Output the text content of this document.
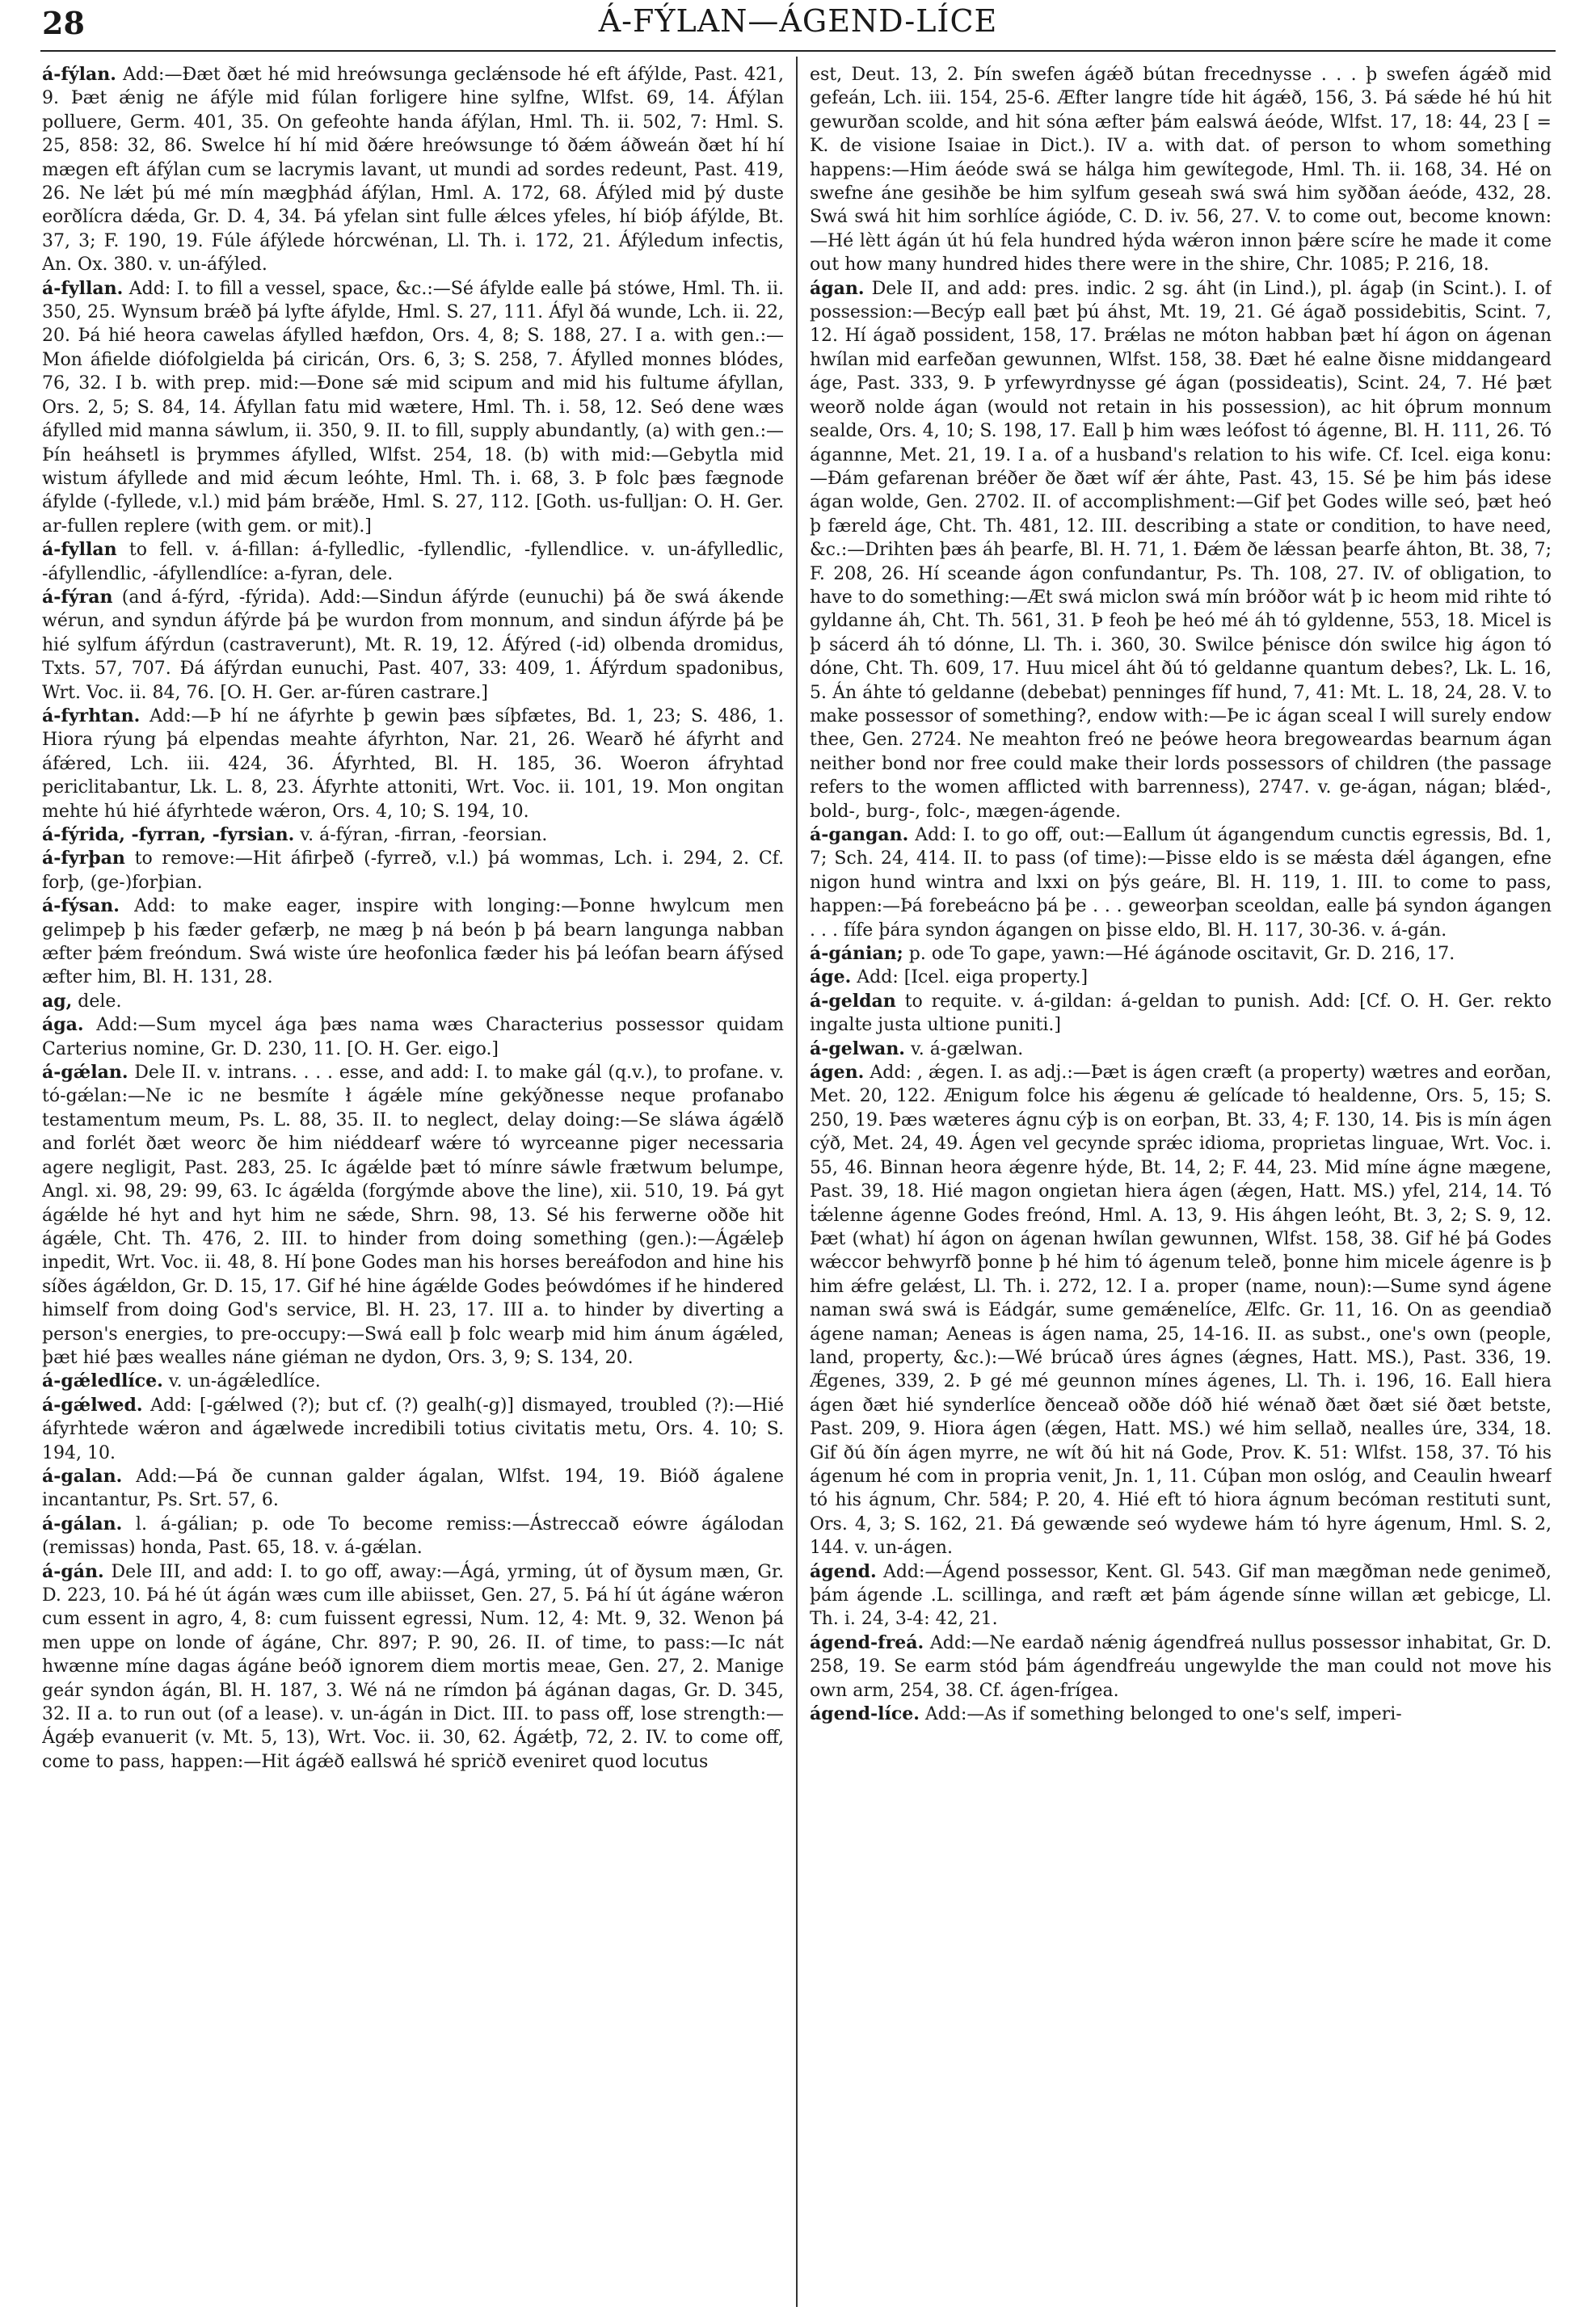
28	Á-FÝLAN—ÁGEND-LÍCE

á-fýlan. Add:—Ðæt ðæt hé mid hreówsunga geclǽnsode hé eft áfýlde, Past. 421, 9. Þæt ǽnig ne áfýle mid fúlan forligere hine sylfne, Wlfst. 69, 14. Áfýlan polluere, Germ. 401, 35. On gefeohte handa áfýlan, Hml. Th. ii. 502, 7: Hml. S. 25, 858: 32, 86. Swelce hí hí mid ðǽre hreówsunge tó ðǽm áðweán ðæt hí hí mægen eft áfýlan cum se lacrymis lavant, ut mundi ad sordes redeunt, Past. 419, 26. Ne lǽt þú mé mín mægþhád áfýlan, Hml. A. 172, 68. Áfýled mid þý duste eorðlícra dǽda, Gr. D. 4, 34. Þá yfelan sint fulle ǽlces yfeles, hí bióþ áfýlde, Bt. 37, 3; F. 190, 19. Fúle áfýlede hórcwénan, Ll. Th. i. 172, 21. Áfýledum infectis, An. Ox. 380. v. un-áfýled.

á-fyllan. Add: I. to fill a vessel, space, &c.:—Sé áfylde ealle þá stówe, Hml. Th. ii. 350, 25. Wynsum brǽð þá lyfte áfylde, Hml. S. 27, 111. Áfyl ðá wunde, Lch. ii. 22, 20. Þá hié heora cawelas áfylled hæfdon, Ors. 4, 8; S. 188, 27. I a. with gen.:—Mon áfielde diófolgielda þá ciricán, Ors. 6, 3; S. 258, 7. Áfylled monnes blódes, 76, 32. I b. with prep. mid:—Ðone sǽ mid scipum and mid his fultume áfyllan, Ors. 2, 5; S. 84, 14. Áfyllan fatu mid wætere, Hml. Th. i. 58, 12. Seó dene wæs áfylled mid manna sáwlum, ii. 350, 9. II. to fill, supply abundantly, (a) with gen.:—Þín heáhsetl is þrymmes áfylled, Wlfst. 254, 18. (b) with mid:—Gebytla mid wistum áfyllede and mid ǽcum leóhte, Hml. Th. i. 68, 3. Þ folc þæs fægnode áfylde (-fyllede, v.l.) mid þám brǽðe, Hml. S. 27, 112. [Goth. us-fulljan: O. H. Ger. ar-fullen replere (with gem. or mit).]

á-fyllan to fell. v. á-fillan: á-fylledlic, -fyllendlic, -fyllendlice. v. un-áfylledlic, -áfyllendlic, -áfyllendlíce: a-fyran, dele.

á-fýran (and á-fýrd, -fýrida). Add:—Sindun áfýrde (eunuchi) þá ðe swá ákende wérun, and syndun áfýrde þá þe wurdon from monnum, and sindun áfýrde þá þe hié sylfum áfýrdun (castraverunt), Mt. R. 19, 12. Áfýred (-id) olbenda dromidus, Txts. 57, 707. Ðá áfýrdan eunuchi, Past. 407, 33: 409, 1. Áfýrdum spadonibus, Wrt. Voc. ii. 84, 76. [O. H. Ger. ar-fúren castrare.]

á-fyrhtan. Add:—Þ hí ne áfyrhte þ gewin þæs síþfætes, Bd. 1, 23; S. 486, 1. Hiora rýung þá elpendas meahte áfyrhton, Nar. 21, 26. Wearð hé áfyrht and áfǽred, Lch. iii. 424, 36. Áfyrhted, Bl. H. 185, 36. Woeron áfryhtad periclitabantur, Lk. L. 8, 23. Áfyrhte attoniti, Wrt. Voc. ii. 101, 19. Mon ongitan mehte hú hié áfyrhtede wǽron, Ors. 4, 10; S. 194, 10.

á-fýrida, -fyrran, -fyrsian. v. á-fýran, -firran, -feorsian.

á-fyrþan to remove:—Hit áfirþeð (-fyrreð, v.l.) þá wommas, Lch. i. 294, 2. Cf. forþ, (ge-)forþian.

á-fýsan. Add: to make eager, inspire with longing:—Þonne hwylcum men gelimpeþ þ his fæder gefærþ, ne mæg þ ná beón þ þá bearn langunga nabban æfter þǽm freóndum. Swá wiste úre heofonlica fæder his þá leófan bearn áfýsed æfter him, Bl. H. 131, 28.

ag, dele.

ága. Add:—Sum mycel ága þæs nama wæs Characterius possessor quidam Carterius nomine, Gr. D. 230, 11. [O. H. Ger. eigo.]

á-gǽlan. Dele II. v. intrans. . . . esse, and add: I. to make gál (q.v.), to profane. v. tó-gǽlan:—Ne ic ne besmíte ł ágǽle míne gekýðnesse neque profanabo testamentum meum, Ps. L. 88, 35. II. to neglect, delay doing:—Se sláwa ágǽlð and forlét ðæt weorc ðe him niéddearf wǽre tó wyrceanne piger necessaria agere negligit, Past. 283, 25. Ic ágǽlde þæt tó mínre sáwle frætwum belumpe, Angl. xi. 98, 29: 99, 63. Ic ágǽlda (forgýmde above the line), xii. 510, 19. Þá gyt ágǽlde hé hyt and hyt him ne sǽde, Shrn. 98, 13. Sé his ferwerne oððe hit ágǽle, Cht. Th. 476, 2. III. to hinder from doing something (gen.):—Ágǽleþ inpedit, Wrt. Voc. ii. 48, 8. Hí þone Godes man his horses bereáfodon and hine his síðes ágǽldon, Gr. D. 15, 17. Gif hé hine ágǽlde Godes þeówdómes if he hindered himself from doing God's service, Bl. H. 23, 17. III a. to hinder by diverting a person's energies, to pre-occupy:—Swá eall þ folc wearþ mid him ánum ágǽled, þæt hié þæs wealles náne giéman ne dydon, Ors. 3, 9; S. 134, 20.

á-gǽledlíce. v. un-ágǽledlíce.

á-gǽlwed. Add: [-gǽlwed (?); but cf. (?) gealh(-g)] dismayed, troubled (?):—Hié áfyrhtede wǽron and ágælwede incredibili totius civitatis metu, Ors. 4. 10; S. 194, 10.

á-galan. Add:—Þá ðe cunnan galder ágalan, Wlfst. 194, 19. Bióð ágalene incantantur, Ps. Srt. 57, 6.

á-gálan. l. á-gálian; p. ode To become remiss:—Ástreccað eówre ágálodan (remissas) honda, Past. 65, 18. v. á-gǽlan.

á-gán. Dele III, and add: I. to go off, away:—Ágá, yrming, út of ðysum mæn, Gr. D. 223, 10. Þá hé út ágán wæs cum ille abiisset, Gen. 27, 5. Þá hí út ágáne wǽron cum essent in agro, 4, 8: cum fuissent egressi, Num. 12, 4: Mt. 9, 32. Wenon þá men uppe on londe of ágáne, Chr. 897; P. 90, 26. II. of time, to pass:—Ic nát hwænne míne dagas ágáne beóð ignorem diem mortis meae, Gen. 27, 2. Manige geár syndon ágán, Bl. H. 187, 3. Wé ná ne rímdon þá ágánan dagas, Gr. D. 345, 32. II a. to run out (of a lease). v. un-ágán in Dict. III. to pass off, lose strength:—Ágǽþ evanuerit (v. Mt. 5, 13), Wrt. Voc. ii. 30, 62. Ágǽtþ, 72, 2. IV. to come off, come to pass, happen:—Hit ágǽð eallswá hé spriċð eveniret quod locutus

est, Deut. 13, 2. Þín swefen ágǽð bútan frecednysse . . . þ swefen ágǽð mid gefeán, Lch. iii. 154, 25-6. Æfter langre tíde hit ágǽð, 156, 3. Þá sǽde hé hú hit gewurðan scolde, and hit sóna æfter þám ealswá áeóde, Wlfst. 17, 18: 44, 23 [ = K. de visione Isaiae in Dict.). IV a. with dat. of person to whom something happens:—Him áeóde swá se hálga him gewítegode, Hml. Th. ii. 168, 34. Hé on swefne áne gesihðe be him sylfum geseah swá swá him syððan áeóde, 432, 28. Swá swá hit him sorhlíce ágióde, C. D. iv. 56, 27. V. to come out, become known:—Hé lètt ágán út hú fela hundred hýda wǽron innon þǽre scíre he made it come out how many hundred hides there were in the shire, Chr. 1085; P. 216, 18.

ágan. Dele II, and add: pres. indic. 2 sg. áht (in Lind.), pl. ágaþ (in Scint.). I. of possession:—Becýp eall þæt þú áhst, Mt. 19, 21. Gé ágað possidebitis, Scint. 7, 12. Hí ágað possident, 158, 17. Þrǽlas ne móton habban þæt hí ágon on ágenan hwílan mid earfeðan gewunnen, Wlfst. 158, 38. Ðæt hé ealne ðisne middangeard áge, Past. 333, 9. Þ yrfewyrdnysse gé ágan (possideatis), Scint. 24, 7. Hé þæt weorð nolde ágan (would not retain in his possession), ac hit óþrum monnum sealde, Ors. 4, 10; S. 198, 17. Eall þ him wæs leófost tó ágenne, Bl. H. 111, 26. Tó ágannne, Met. 21, 19. I a. of a husband's relation to his wife. Cf. Icel. eiga konu:—Ðám gefarenan bréðer ðe ðæt wíf ǽr áhte, Past. 43, 15. Sé þe him þás idese ágan wolde, Gen. 2702. II. of accomplishment:—Gif þet Godes wille seó, þæt heó þ færeld áge, Cht. Th. 481, 12. III. describing a state or condition, to have need, &c.:—Drihten þæs áh þearfe, Bl. H. 71, 1. Ðǽm ðe lǽssan þearfe áhton, Bt. 38, 7; F. 208, 26. Hí sceande ágon confundantur, Ps. Th. 108, 27. IV. of obligation, to have to do something:—Æt swá miclon swá mín bróðor wát þ ic heom mid rihte tó gyldanne áh, Cht. Th. 561, 31. Þ feoh þe heó mé áh tó gyldenne, 553, 18. Micel is þ sácerd áh tó dónne, Ll. Th. i. 360, 30. Swilce þénisce dón swilce hig ágon tó dóne, Cht. Th. 609, 17. Huu micel áht ðú tó geldanne quantum debes?, Lk. L. 16, 5. Án áhte tó geldanne (debebat) penninges fíf hund, 7, 41: Mt. L. 18, 24, 28. V. to make possessor of something?, endow with:—Þe ic ágan sceal I will surely endow thee, Gen. 2724. Ne meahton freó ne þeówe heora bregoweardas bearnum ágan neither bond nor free could make their lords possessors of children (the passage refers to the women afflicted with barrenness), 2747. v. ge-ágan, nágan; blǽd-, bold-, burg-, folc-, mægen-ágende.

á-gangan. Add: I. to go off, out:—Eallum út ágangendum cunctis egressis, Bd. 1, 7; Sch. 24, 414. II. to pass (of time):—Þisse eldo is se mǽsta dǽl ágangen, efne nigon hund wintra and lxxi on þýs geáre, Bl. H. 119, 1. III. to come to pass, happen:—Þá forebeácno þá þe . . . geweorþan sceoldan, ealle þá syndon ágangen . . . fífe þára syndon ágangen on þisse eldo, Bl. H. 117, 30-36. v. á-gán.

á-gánian; p. ode To gape, yawn:—Hé ágánode oscitavit, Gr. D. 216, 17.

áge. Add: [Icel. eiga property.]

á-geldan to requite. v. á-gildan: á-geldan to punish. Add: [Cf. O. H. Ger. rekto ingalte justa ultione puniti.]

á-gelwan. v. á-gælwan.

ágen. Add: , ǽgen. I. as adj.:—Þæt is ágen cræft (a property) wætres and eorðan, Met. 20, 122. Ænigum folce his ǽgenu ǽ gelícade tó healdenne, Ors. 5, 15; S. 250, 19. Þæs wæteres ágnu cýþ is on eorþan, Bt. 33, 4; F. 130, 14. Þis is mín ágen cýð, Met. 24, 49. Ágen vel gecynde sprǽc idioma, proprietas linguae, Wrt. Voc. i. 55, 46. Binnan heora ǽgenre hýde, Bt. 14, 2; F. 44, 23. Mid míne ágne mægene, Past. 39, 18. Hié magon ongietan hiera ágen (ǽgen, Hatt. MS.) yfel, 214, 14. Tó ṫǽlenne ágenne Godes freónd, Hml. A. 13, 9. His áhgen leóht, Bt. 3, 2; S. 9, 12. Þæt (what) hí ágon on ágenan hwílan gewunnen, Wlfst. 158, 38. Gif hé þá Godes wǽccor behwyrfð þonne þ hé him tó ágenum teleð, þonne him micele ágenre is þ him ǽfre gelǽst, Ll. Th. i. 272, 12. I a. proper (name, noun):—Sume synd ágene naman swá swá is Eádgár, sume gemǽnelíce, Ælfc. Gr. 11, 16. On as geendiað ágene naman; Aeneas is ágen nama, 25, 14-16. II. as subst., one's own (people, land, property, &c.):—Wé brúcað úres ágnes (ǽgnes, Hatt. MS.), Past. 336, 19. Ǽgenes, 339, 2. Þ gé mé geunnon mínes ágenes, Ll. Th. i. 196, 16. Eall hiera ágen ðæt hié synderlíce ðenceað oððe dóð hié wénað ðæt ðæt sié ðæt betste, Past. 209, 9. Hiora ágen (ǽgen, Hatt. MS.) wé him sellað, nealles úre, 334, 18. Gif ðú ðín ágen myrre, ne wít ðú hit ná Gode, Prov. K. 51: Wlfst. 158, 37. Tó his ágenum hé com in propria venit, Jn. 1, 11. Cúþan mon oslóg, and Ceaulin hwearf tó his ágnum, Chr. 584; P. 20, 4. Hié eft tó hiora ágnum becóman restituti sunt, Ors. 4, 3; S. 162, 21. Ðá gewænde seó wydewe hám tó hyre ágenum, Hml. S. 2, 144. v. un-ágen.

ágend. Add:—Ágend possessor, Kent. Gl. 543. Gif man mægðman nede genimeð, þám ágende .L. scillinga, and ræft æt þám ágende sínne willan æt gebicge, Ll. Th. i. 24, 3-4: 42, 21.

ágend-freá. Add:—Ne eardað nǽnig ágendfreá nullus possessor inhabitat, Gr. D. 258, 19. Se earm stód þám ágendfreáu ungewylde the man could not move his own arm, 254, 38. Cf. ágen-frígea.

ágend-líce. Add:—As if something belonged to one's self, imperi-
